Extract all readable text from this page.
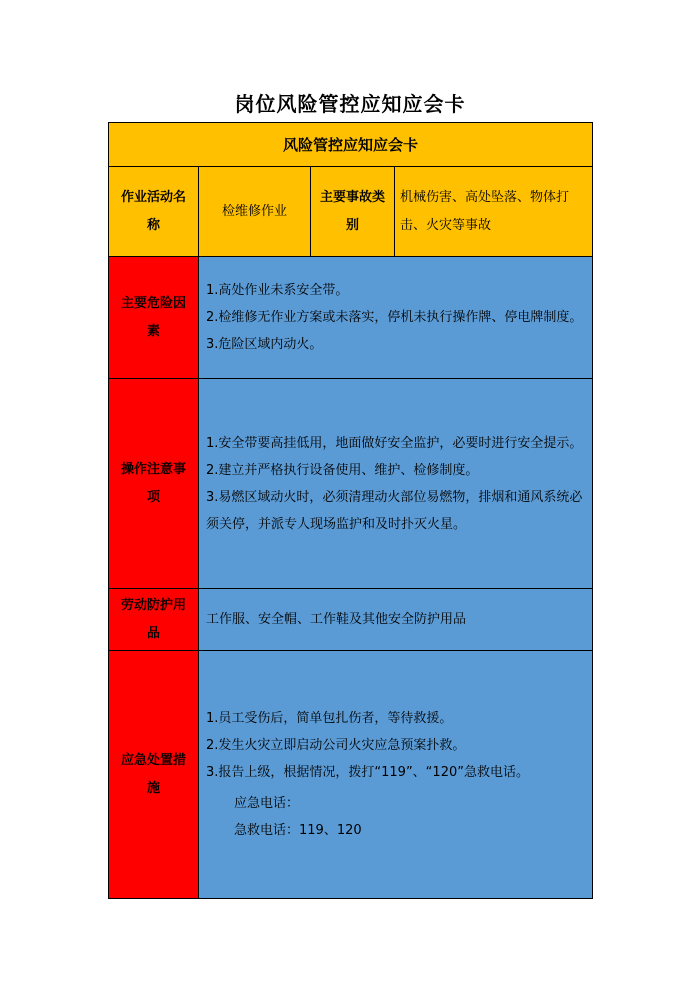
岗位风险管控应知应会卡
风险管控应知应会卡
作业活动名称
检维修作业
主要事故类别
机械伤害、高处坠落、物体打击、火灾等事故
主要危险因素
1.高处作业未系安全带。
2.检维修无作业方案或未落实，停机未执行操作牌、停电牌制度。
3.危险区域内动火。
操作注意事项
1.安全带要高挂低用，地面做好安全监护，必要时进行安全提示。
2.建立并严格执行设备使用、维护、检修制度。
3.易燃区域动火时，必须清理动火部位易燃物，排烟和通风系统必须关停，并派专人现场监护和及时扑灭火星。
劳动防护用品
工作服、安全帽、工作鞋及其他安全防护用品
应急处置措施
1.员工受伤后，简单包扎伤者，等待救援。
2.发生火灾立即启动公司火灾应急预案扑救。
3.报告上级，根据情况，拨打“119”、“120”急救电话。
应急电话：
急救电话：119、120
